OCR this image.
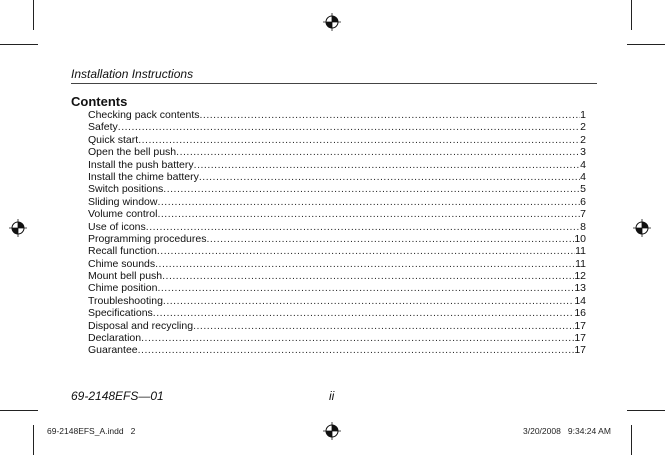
Installation Instructions
Contents
Checking pack contents .....	1
Safety .....	2
Quick start .....	2
Open the bell push .....	3
Install the push battery .....	4
Install the chime battery .....	4
Switch positions .....	5
Sliding window .....	6
Volume control .....	7
Use of icons .....	8
Programming procedures .....	10
Recall function .....	11
Chime sounds .....	11
Mount bell push .....	12
Chime position .....	13
Troubleshooting .....	14
Specifications .....	16
Disposal and recycling .....	17
Declaration .....	17
Guarantee .....	17
69-2148EFS—01	ii
69-2148EFS_A.indd   2	3/20/2008   9:34:24 AM
